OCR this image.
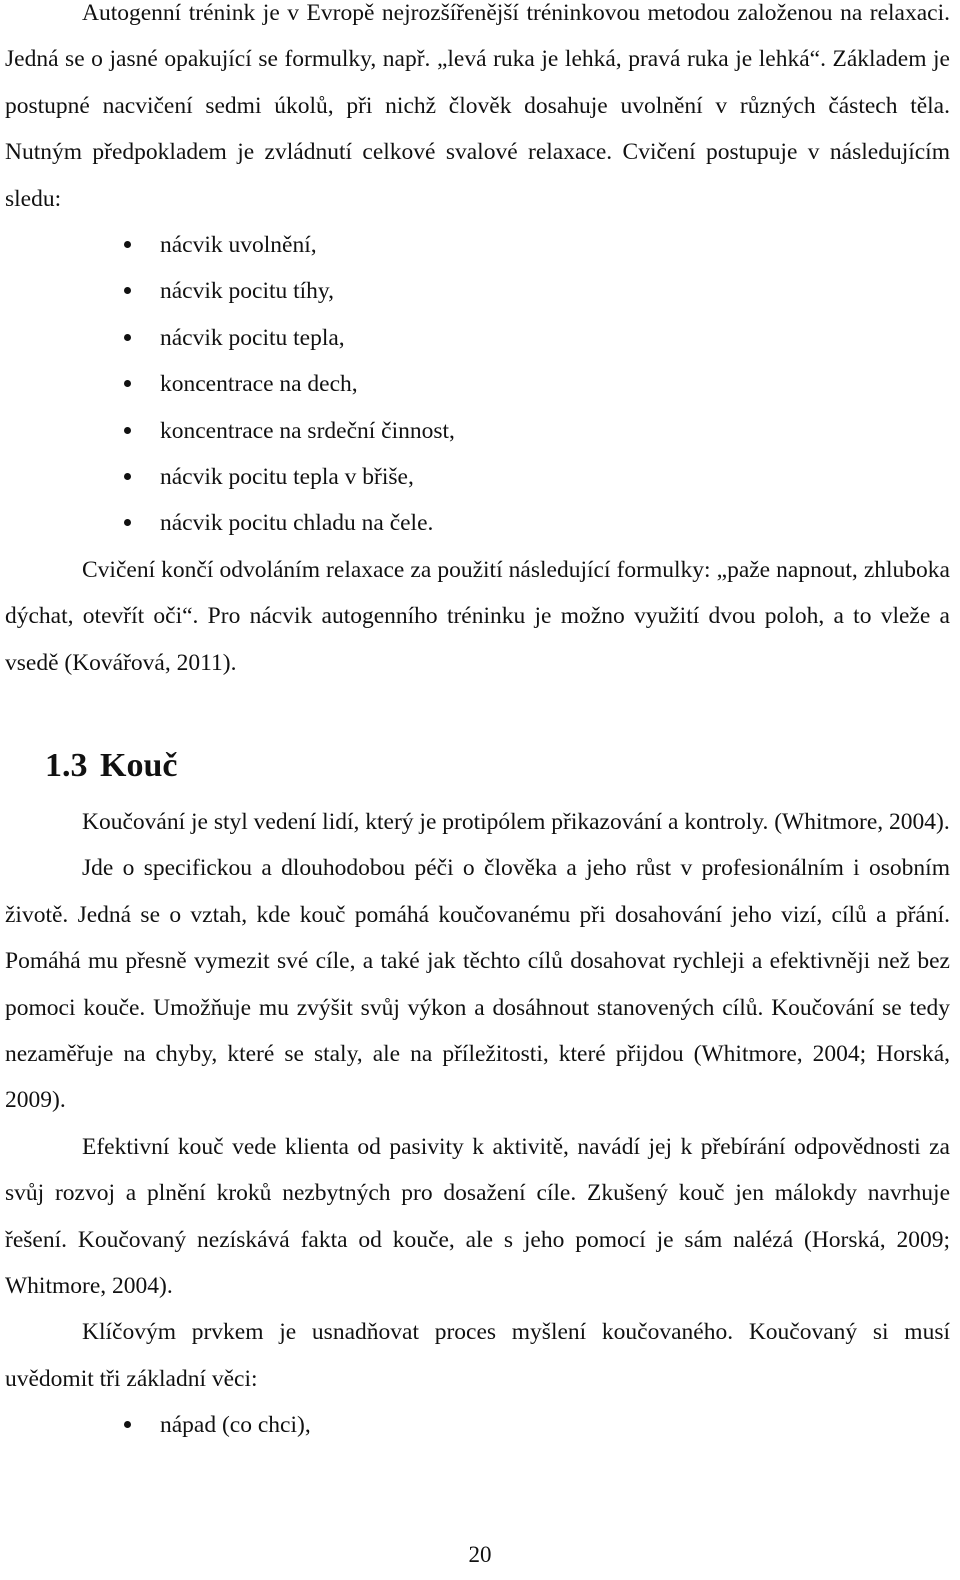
Autogenní trénink je v Evropě nejrozšířenější tréninkovou metodou založenou na relaxaci. Jedná se o jasné opakující se formulky, např. „levá ruka je lehká, pravá ruka je lehká“. Základem je postupné nacvičení sedmi úkolů, při nichž člověk dosahuje uvolnění v různých částech těla. Nutným předpokladem je zvládnutí celkové svalové relaxace. Cvičení postupuje v následujícím sledu:

nácvik uvolnění,
nácvik pocitu tíhy,
nácvik pocitu tepla,
koncentrace na dech,
koncentrace na srdeční činnost,
nácvik pocitu tepla v břiše,
nácvik pocitu chladu na čele.

Cvičení končí odvoláním relaxace za použití následující formulky: „paže napnout, zhluboka dýchat, otevřít oči“. Pro nácvik autogenního tréninku je možno využití dvou poloh, a to vleže a vsedě (Kovářová, 2011).

1.3 Kouč

Koučování je styl vedení lidí, který je protipólem přikazování a kontroly. (Whitmore, 2004).

Jde o specifickou a dlouhodobou péči o člověka a jeho růst v profesionálním i osobním životě. Jedná se o vztah, kde kouč pomáhá koučovanému při dosahování jeho vizí, cílů a přání. Pomáhá mu přesně vymezit své cíle, a také jak těchto cílů dosahovat rychleji a efektivněji než bez pomoci kouče. Umožňuje mu zvýšit svůj výkon a dosáhnout stanovených cílů. Koučování se tedy nezaměřuje na chyby, které se staly, ale na příležitosti, které přijdou (Whitmore, 2004; Horská, 2009).

Efektivní kouč vede klienta od pasivity k aktivitě, navádí jej k přebírání odpovědnosti za svůj rozvoj a plnění kroků nezbytných pro dosažení cíle. Zkušený kouč jen málokdy navrhuje řešení. Koučovaný nezískává fakta od kouče, ale s jeho pomocí je sám nalézá (Horská, 2009; Whitmore, 2004).

Klíčovým prvkem je usnadňovat proces myšlení koučovaného. Koučovaný si musí uvědomit tři základní věci:

nápad (co chci),
20
